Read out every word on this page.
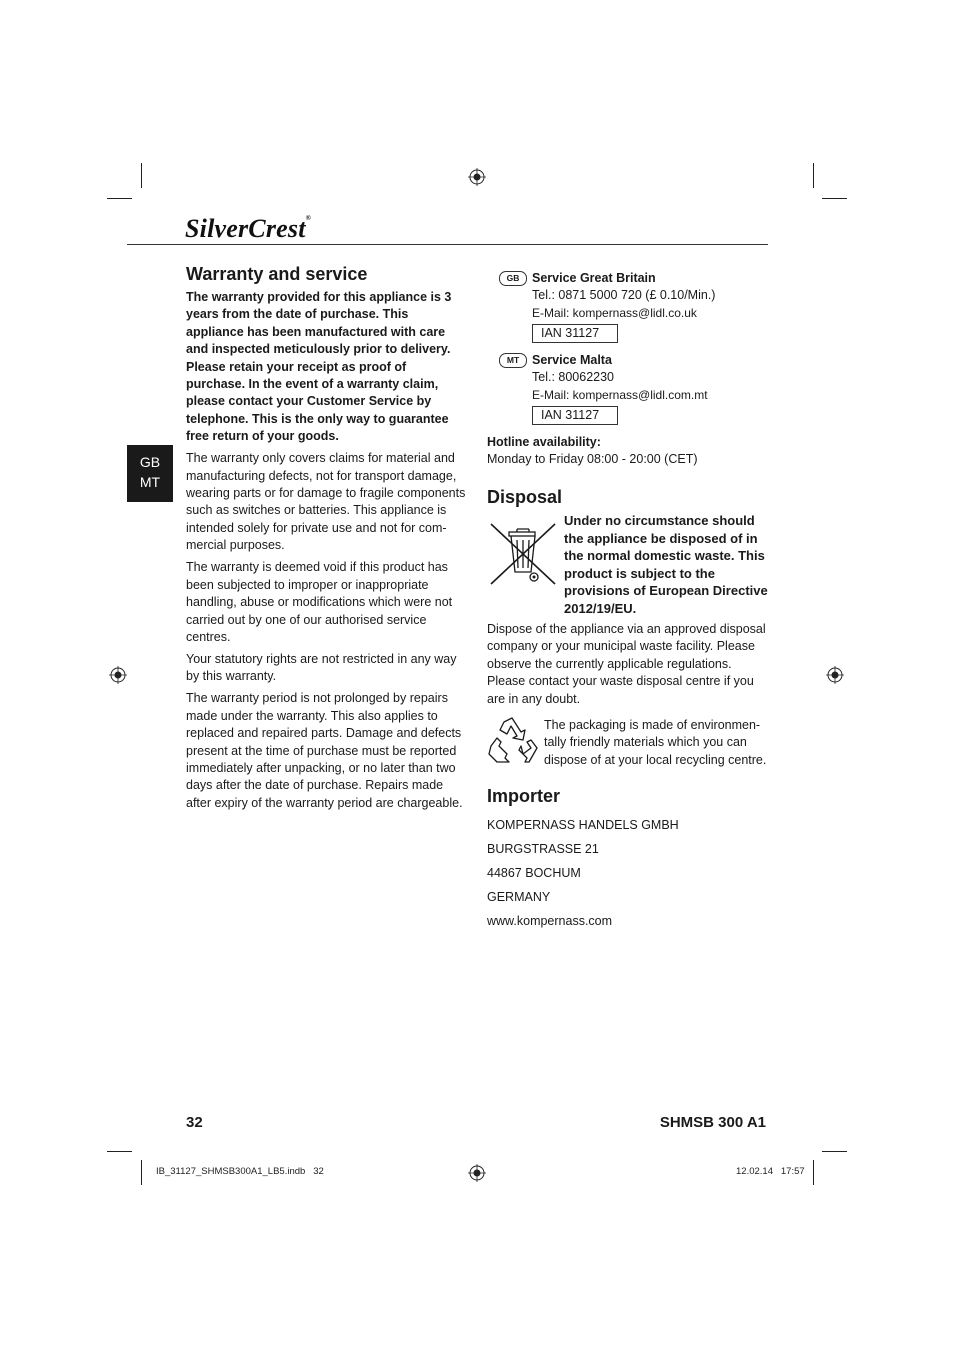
SilverCrest®
GB
MT
Warranty and service

The warranty provided for this appliance is 3 years from the date of purchase. This appliance has been manufactured with care and inspected meticulously prior to delivery. Please retain your receipt as proof of purchase. In the event of a warranty claim, please contact your Customer Service by telephone. This is the only way to guarantee free return of your goods.

The warranty only covers claims for material and manufacturing defects, not for transport damage, wearing parts or for damage to fragile components such as switches or batteries. This appliance is intended solely for private use and not for com-mercial purposes.

The warranty is deemed void if this product has been subjected to improper or inappropriate handling, abuse or modifications which were not carried out by one of our authorised service centres.

Your statutory rights are not restricted in any way by this warranty.

The warranty period is not prolonged by repairs made under the warranty. This also applies to replaced and repaired parts. Damage and defects present at the time of purchase must be reported immediately after unpacking, or no later than two days after the date of purchase. Repairs made after expiry of the warranty period are chargeable.

GB	Service Great Britain
Tel.: 0871 5000 720 (£ 0.10/Min.)
E-Mail: kompernass@lidl.co.uk
IAN 31127
MT	Service Malta
Tel.: 80062230
E-Mail: kompernass@lidl.com.mt
IAN 31127
Hotline availability:
Monday to Friday 08:00 - 20:00 (CET)
Disposal
Under no circumstance should the appliance be disposed of in the normal domestic waste. This product is subject to the provisions of European Directive 2012/19/EU.
Dispose of the appliance via an approved disposal company or your municipal waste facility. Please observe the currently applicable regulations. Please contact your waste disposal centre if you are in any doubt.
The packaging is made of environmen-tally friendly materials which you can dispose of at your local recycling centre.
Importer
KOMPERNASS HANDELS GMBH
BURGSTRASSE 21
44867 BOCHUM
GERMANY
www.kompernass.com
32	SHMSB 300 A1
IB_31127_SHMSB300A1_LB5.indb   32	12.02.14   17:57
